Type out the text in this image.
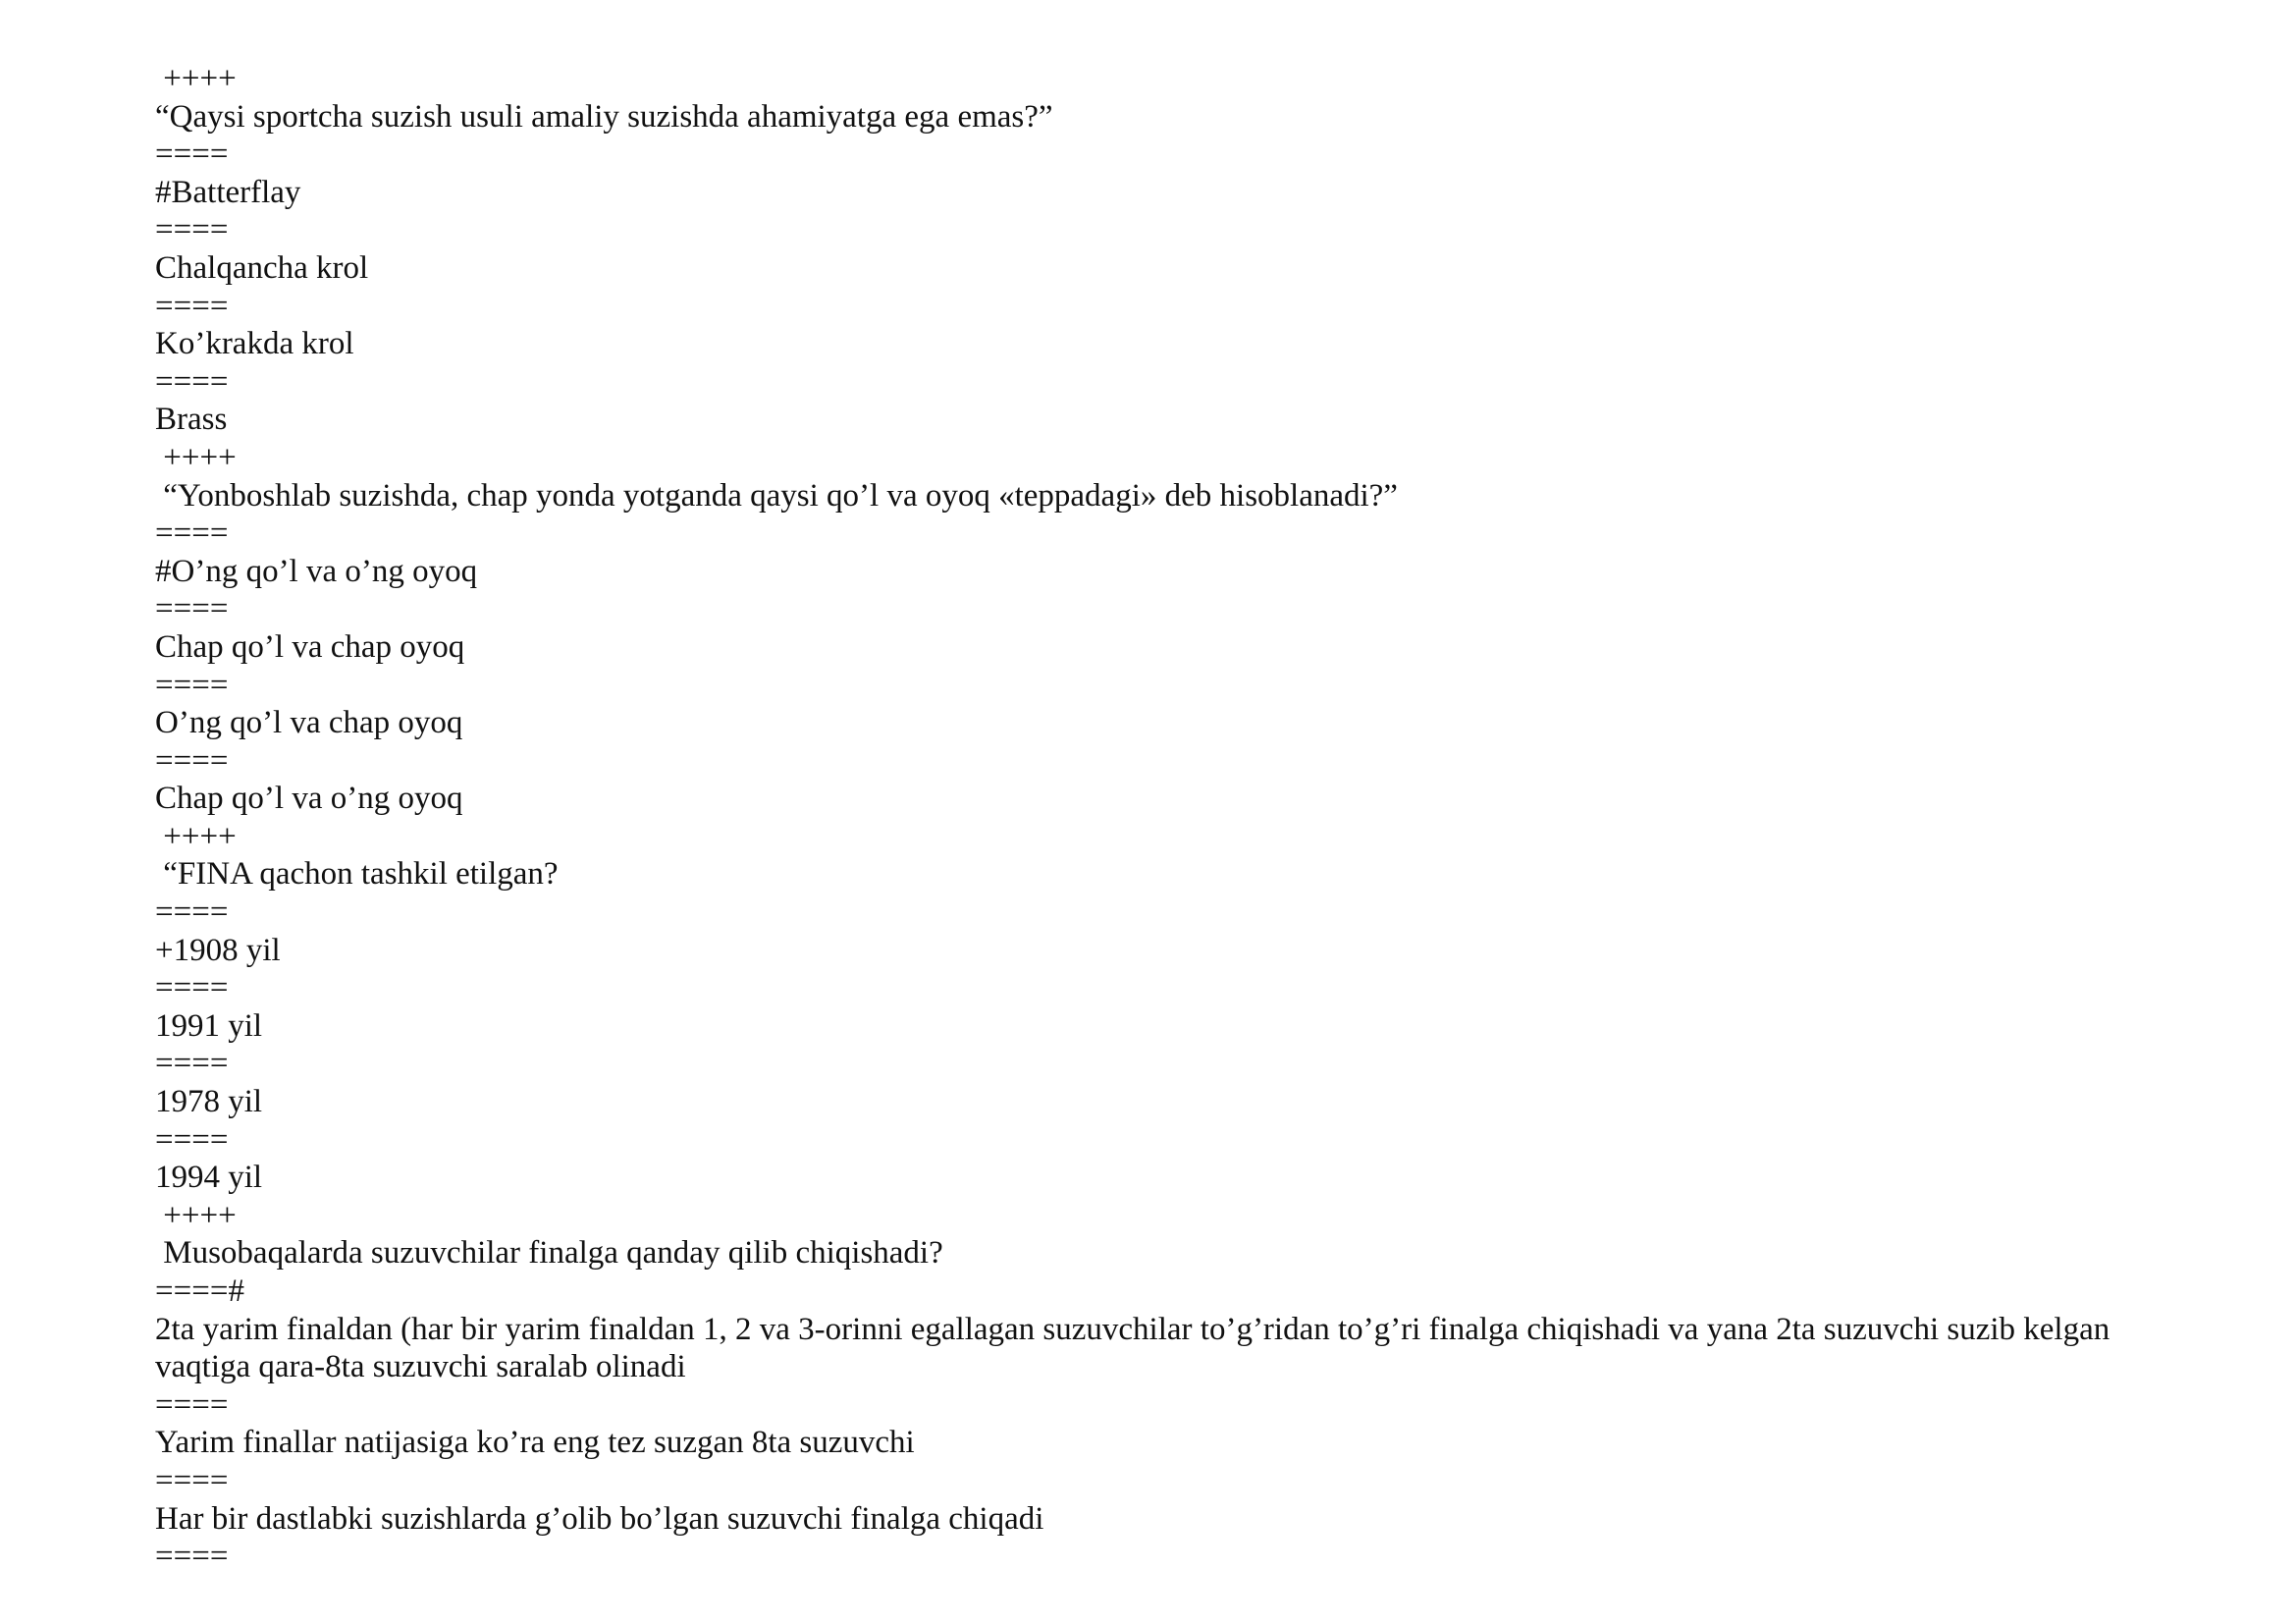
++++
“Qaysi sportcha suzish usuli amaliy suzishda ahamiyatga ega emas?”
====
#Batterflay
====
Chalqancha krol
====
Ko’krakda krol
====
Brass
++++
“Yonboshlab suzishda, chap yonda yotganda qaysi qo’l va oyoq «teppadagi» deb hisoblanadi?”
====
#O’ng qo’l va o’ng oyoq
====
Chap qo’l va chap oyoq
====
O’ng qo’l va chap oyoq
====
Chap qo’l va o’ng oyoq
++++
“FINA qachon tashkil etilgan?
====
+1908 yil
====
1991 yil
====
1978 yil
====
1994 yil
++++
Musobaqalarda suzuvchilar finalga qanday qilib chiqishadi?
====#
2ta yarim finaldan (har bir yarim finaldan 1, 2 va 3-orinni egallagan suzuvchilar to’g’ridan to’g’ri finalga chiqishadi va yana 2ta suzuvchi suzib kelgan vaqtiga qara-8ta suzuvchi saralab olinadi
====
Yarim finallar natijasiga ko’ra eng tez suzgan 8ta suzuvchi
====
Har bir dastlabki suzishlarda g’olib bo’lgan suzuvchi finalga chiqadi
====
